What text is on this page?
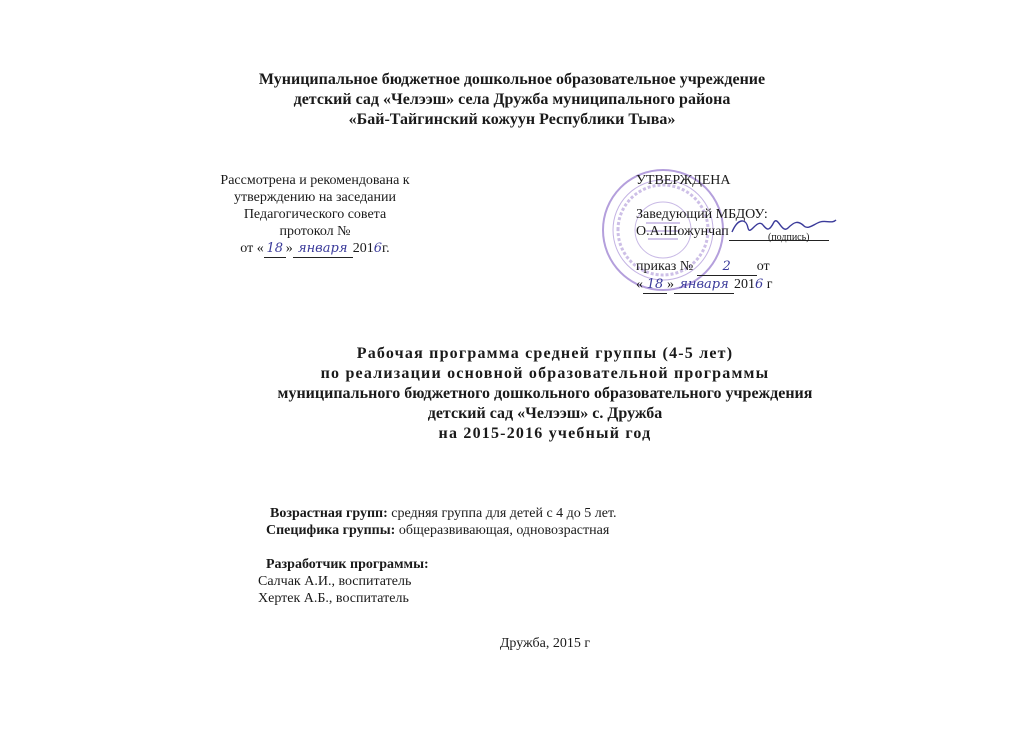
Муниципальное бюджетное дошкольное образовательное учреждение
детский сад «Челээш» села Дружба муниципального района
«Бай-Тайгинский кожуун Республики Тыва»
Рассмотрена и рекомендована к
утверждению на заседании
Педагогического совета
протокол №
от « 18 » января 2016г.
УТВЕРЖДЕНА
Заведующий МБДОУ:
О.А.Шожунчап
приказ № 2 от
« 18 » января 2016 г
(подпись)
Рабочая программа средней группы (4-5 лет)
по реализации основной образовательной программы
муниципального бюджетного дошкольного образовательного учреждения
детский сад «Челээш» с. Дружба
на 2015-2016 учебный год
Возрастная групп: средняя группа для детей с 4 до 5 лет.
Специфика группы: общеразвивающая, одновозрастная
Разработчик программы:
Салчак А.И., воспитатель
Хертек А.Б., воспитатель
Дружба, 2015 г
